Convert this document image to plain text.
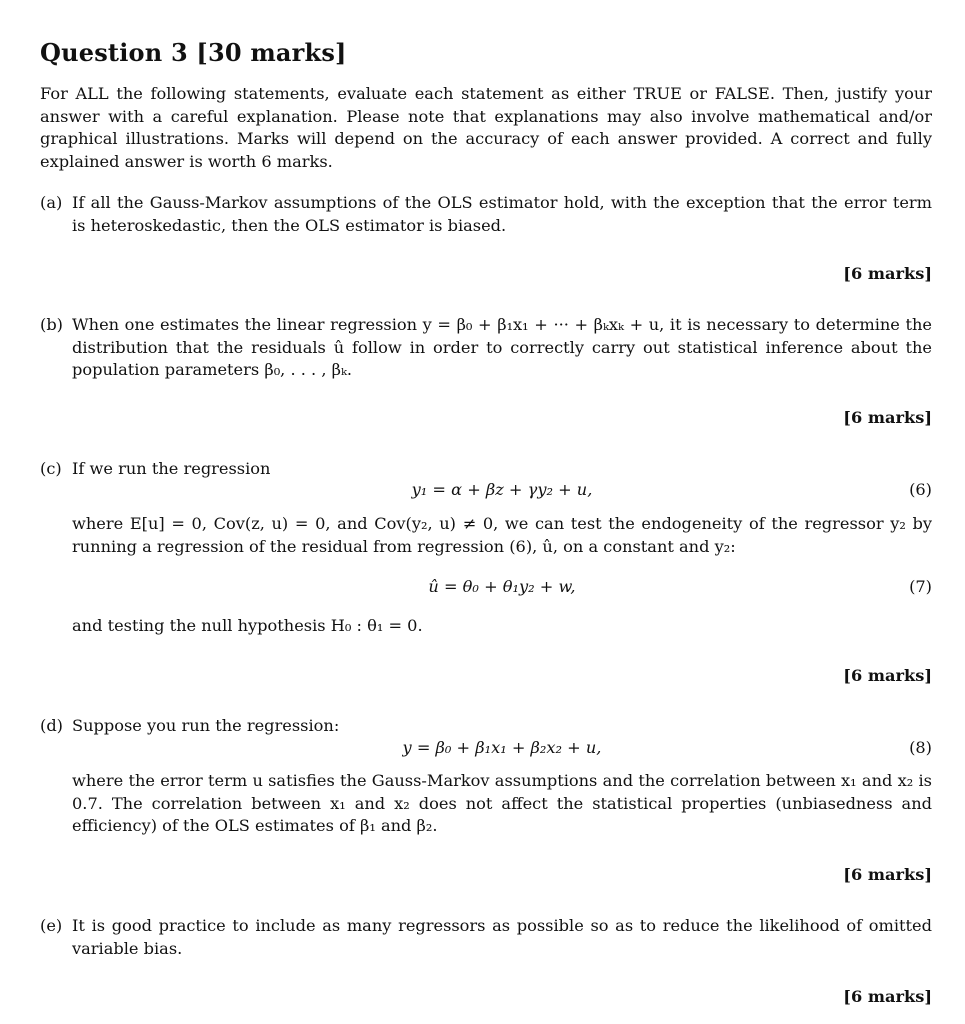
Question 3 [30 marks]
For ALL the following statements, evaluate each statement as either TRUE or FALSE. Then, justify your answer with a careful explanation. Please note that explanations may also involve mathematical and/or graphical illustrations. Marks will depend on the accuracy of each answer provided. A correct and fully explained answer is worth 6 marks.
(a) If all the Gauss-Markov assumptions of the OLS estimator hold, with the exception that the error term is heteroskedastic, then the OLS estimator is biased.
[6 marks]
(b) When one estimates the linear regression y = β₀ + β₁x₁ + ··· + βₖxₖ + u, it is necessary to determine the distribution that the residuals û follow in order to correctly carry out statistical inference about the population parameters β₀, . . . , βₖ.
[6 marks]
(c) If we run the regression
y₁ = α + βz + γy₂ + u,	(6)
where E[u] = 0, Cov(z, u) = 0, and Cov(y₂, u) ≠ 0, we can test the endogeneity of the regressor y₂ by running a regression of the residual from regression (6), û, on a constant and y₂:
û = θ₀ + θ₁y₂ + w,	(7)
and testing the null hypothesis H₀ : θ₁ = 0.
[6 marks]
(d) Suppose you run the regression:
y = β₀ + β₁x₁ + β₂x₂ + u,	(8)
where the error term u satisfies the Gauss-Markov assumptions and the correlation between x₁ and x₂ is 0.7. The correlation between x₁ and x₂ does not affect the statistical properties (unbiasedness and efficiency) of the OLS estimates of β₁ and β₂.
[6 marks]
(e) It is good practice to include as many regressors as possible so as to reduce the likelihood of omitted variable bias.
[6 marks]
